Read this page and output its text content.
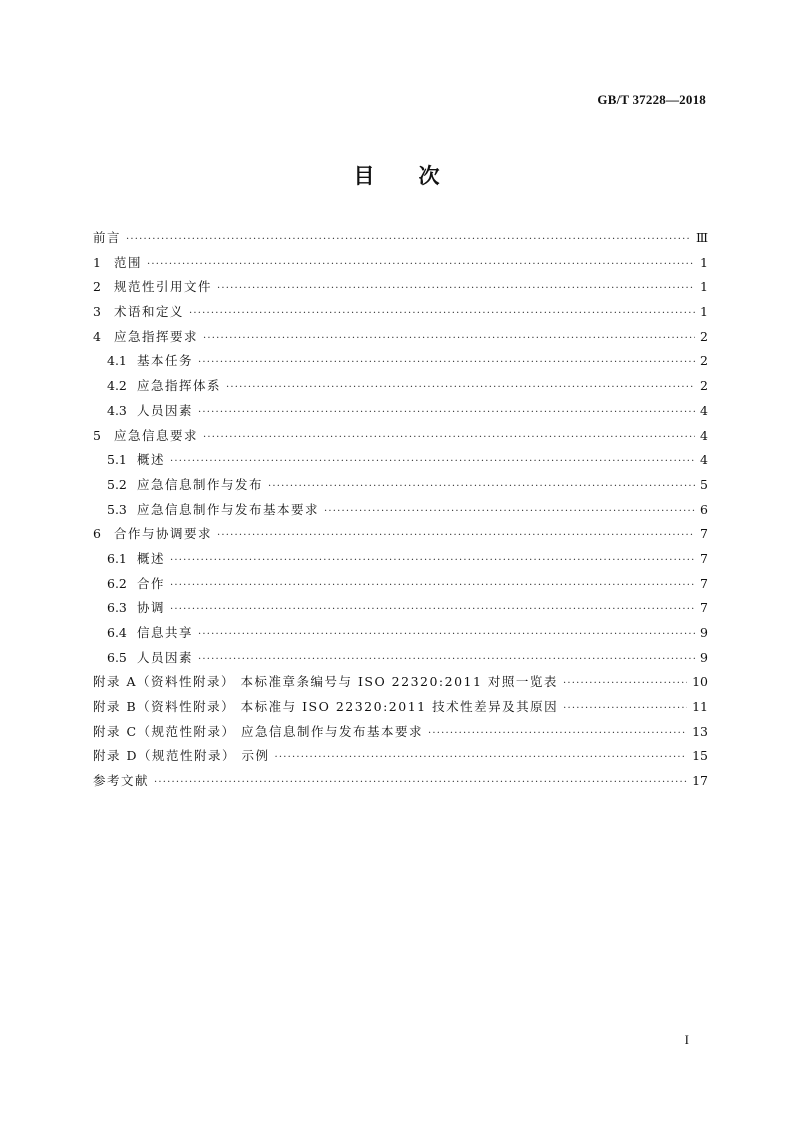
GB/T 37228—2018
目 次
前言 ·····	Ⅲ
1	范围 ·····	1
2	规范性引用文件 ·····	1
3	术语和定义 ·····	1
4	应急指挥要求 ·····	2
4.1 基本任务 ·····	2
4.2 应急指挥体系 ·····	2
4.3 人员因素 ·····	4
5	应急信息要求 ·····	4
5.1 概述 ·····	4
5.2 应急信息制作与发布 ·····	5
5.3 应急信息制作与发布基本要求 ·····	6
6	合作与协调要求 ·····	7
6.1 概述 ·····	7
6.2 合作 ·····	7
6.3 协调 ·····	7
6.4 信息共享 ·····	9
6.5 人员因素 ·····	9
附录 A（资料性附录） 本标准章条编号与 ISO 22320:2011 对照一览表 ·····	10
附录 B（资料性附录） 本标准与 ISO 22320:2011 技术性差异及其原因 ·····	11
附录 C（规范性附录） 应急信息制作与发布基本要求 ·····	13
附录 D（规范性附录） 示例 ·····	15
参考文献 ·····	17
I
